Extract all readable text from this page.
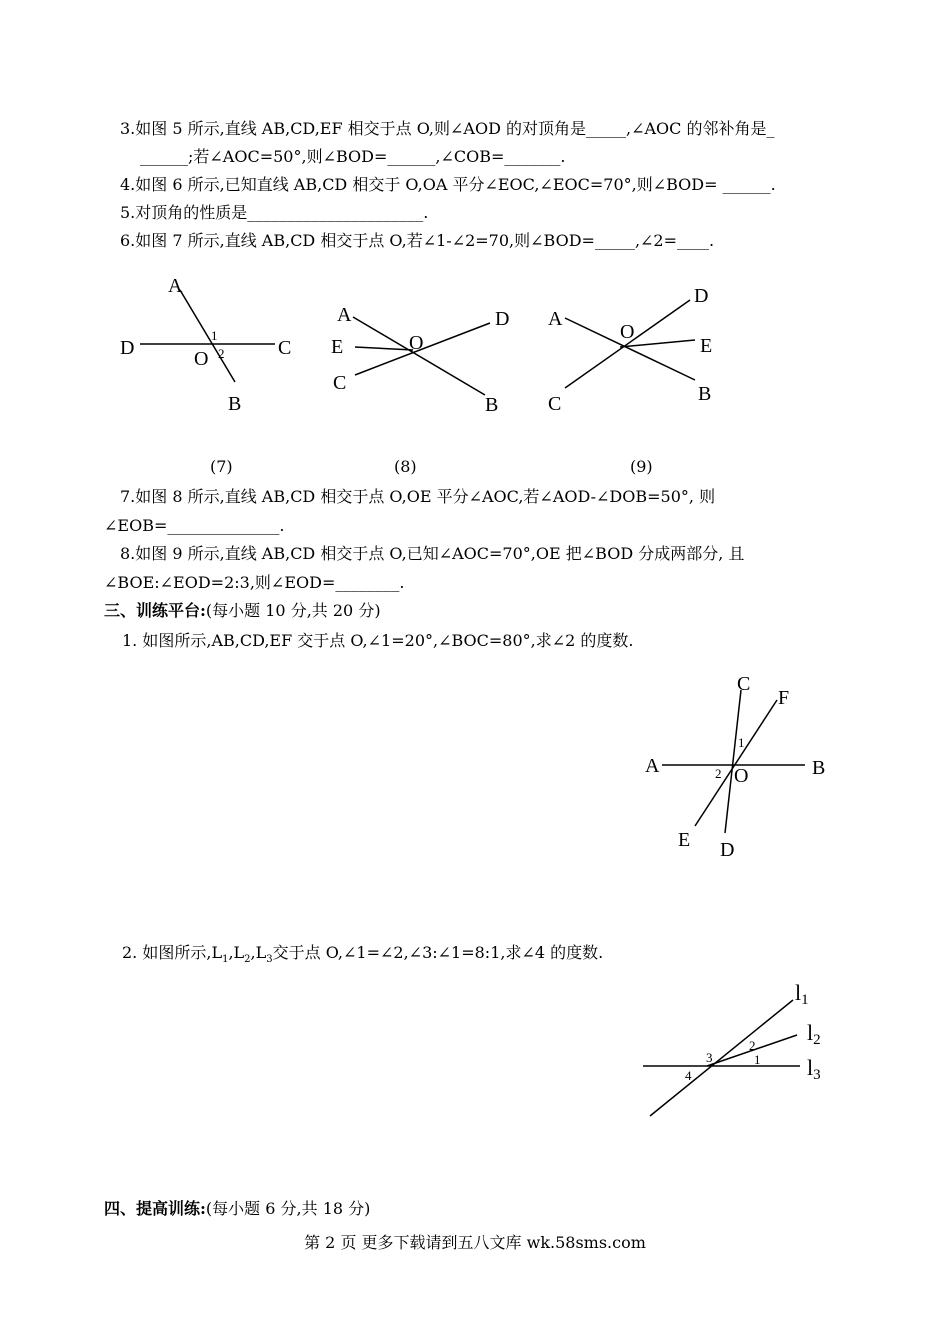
3.如图 5 所示,直线 AB,CD,EF 相交于点 O,则∠AOD 的对顶角是_____,∠AOC 的邻补角是_
______;若∠AOC=50°,则∠BOD=______,∠COB=_______.
4.如图 6 所示,已知直线 AB,CD 相交于 O,OA 平分∠EOC,∠EOC=70°,则∠BOD= ______.
5.对顶角的性质是______________________.
6.如图 7 所示,直线 AB,CD 相交于点 O,若∠1-∠2=70,则∠BOD=_____,∠2=____.
A
D	C
O
1
2
B
(7)
A
E
C
O
D
B
(8)
A
C
O
D
E
B
(9)
7.如图 8 所示,直线 AB,CD 相交于点 O,OE 平分∠AOC,若∠AOD-∠DOB=50°, 则
∠EOB=______________.
8.如图 9 所示,直线 AB,CD 相交于点 O,已知∠AOC=70°,OE 把∠BOD 分成两部分, 且
∠BOE:∠EOD=2:3,则∠EOD=________.
三、训练平台:(每小题 10 分,共 20 分)
1. 如图所示,AB,CD,EF 交于点 O,∠1=20°,∠BOC=80°,求∠2 的度数.
C
F
1
A	2 O	B
E D
2. 如图所示$,L_1,L_2,L_3$交于点 O,∠1=∠2,∠3:∠1=8:1,求∠4 的度数.
l1
l2
l3
3
2
1
4
四、提高训练:(每小题 6 分,共 18 分)
第 2 页 更多下载请到五八文库 wk.58sms.com
